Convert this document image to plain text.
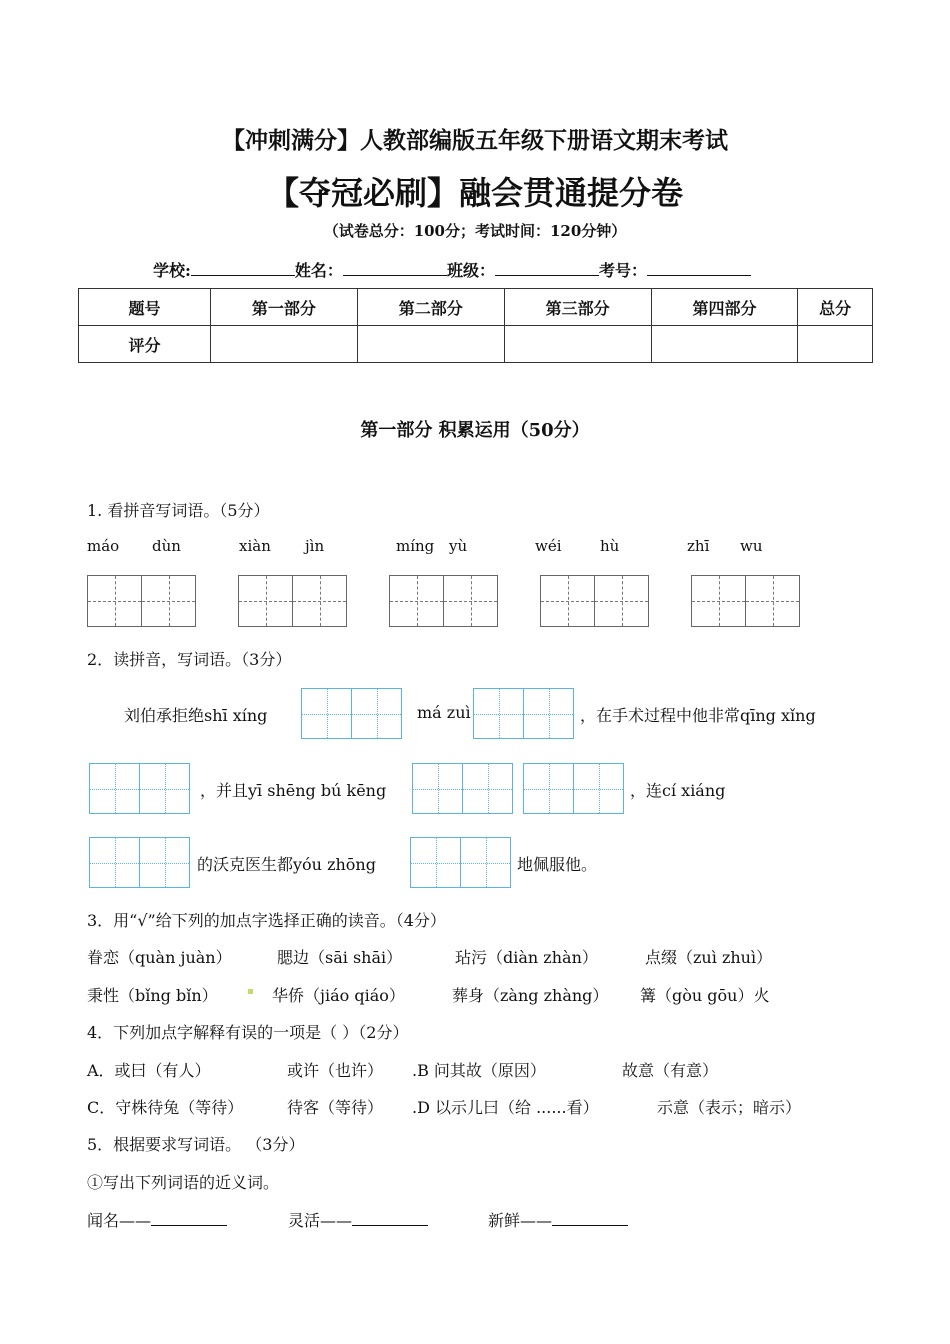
【冲刺满分】人教部编版五年级下册语文期末考试
【夺冠必刷】融会贯通提分卷
（试卷总分：100分；考试时间：120分钟）
学校:	姓名：	班级：	考号：
题号	第一部分	第二部分	第三部分	第四部分	总分
评分					
第一部分 积累运用（50分）
1. 看拼音写词语。（5分）
máo dùn	xiàn jìn	míng yù	wéi	hù	zhī wu
2．读拼音，写词语。（3分）
刘伯承拒绝shī xíng	má zuì	，在手术过程中他非常qīng xǐng
，并且yī shēng bú kēng	，连cí xiáng
的沃克医生都yóu zhōng	地佩服他。
3．用“√”给下列的加点字选择正确的读音。（4分）
眷恋（quàn juàn）	腮边（sāi shāi）	玷污（diàn zhàn）	点缀（zuì zhuì）
秉性（bǐng bǐn）	华侨（jiáo qiáo）	葬身（zàng zhàng） 篝（gòu gōu）火
4．下列加点字解释有误的一项是（ ）（2分）
A．或曰（有人）	或许（也许） .B 问其故（原因）	故意（有意）
C．守株待兔（等待）	待客（等待） .D 以示儿曰（给 ......看）	示意（表示；暗示）
5．根据要求写词语。 （3分）
①写出下列词语的近义词。
闻名——	灵活——	新鲜——
